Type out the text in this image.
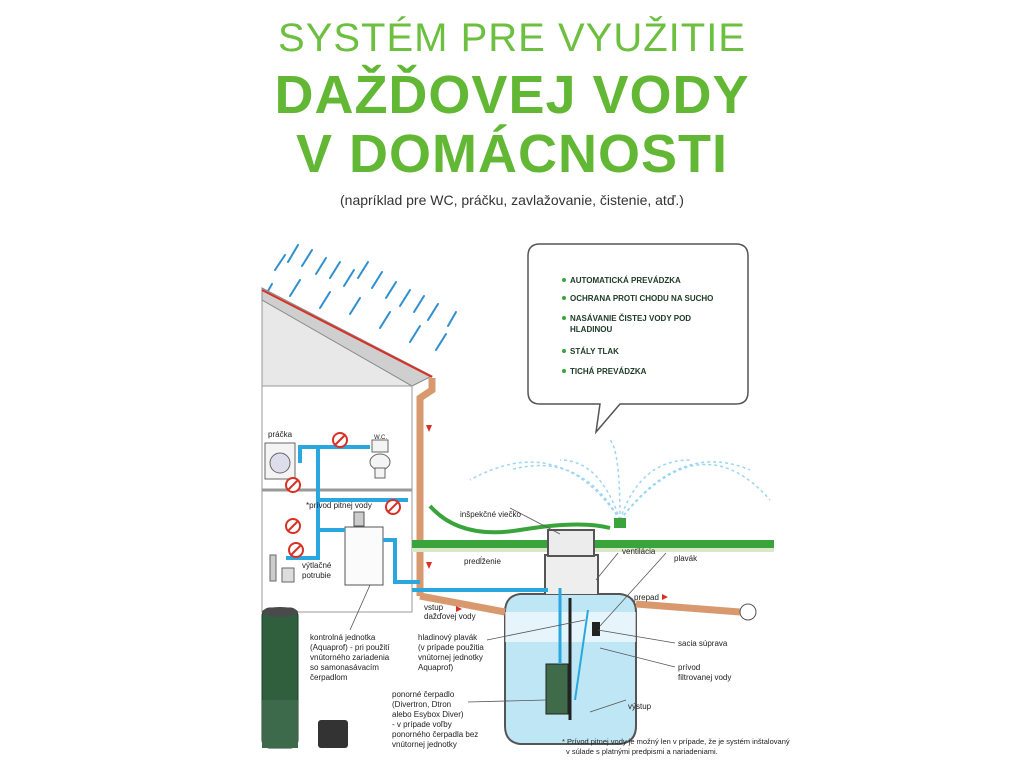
SYSTÉM PRE VYUŽITIE
DAŽĎOVEJ VODY
V DOMÁCNOSTI
(napríklad pre WC, práčku, zavlažovanie, čistenie, atď.)
AUTOMATICKÁ PREVÁDZKA
OCHRANA PROTI CHODU NA SUCHO
NASÁVANIE ČISTEJ VODY POD
HLADINOU
STÁLY TLAK
TICHÁ PREVÁDZKA
práčka	W.C.
*prívod pitnej vody
výtlačné
potrubie
inšpekčné viečko
predĺženie
ventilácia
plavák
prepad
vstup
dažďovej vody
sacia súprava
prívod
filtrovanej vody
výstup
kontrolná jednotka
(Aquaprof) - pri použití
vnútorného zariadenia
so samonasávacím
čerpadlom
hladinový plavák
(v prípade použitia
vnútornej jednotky
Aquaprof)
ponorné čerpadlo
(Divertron, Dtron
alebo Esybox Diver)
- v prípade voľby
ponorného čerpadla bez
vnútornej jednotky	* Prívod pitnej vody je možný len v prípade, že je systém inštalovaný
v súlade s platnými predpismi a nariadeniami.
